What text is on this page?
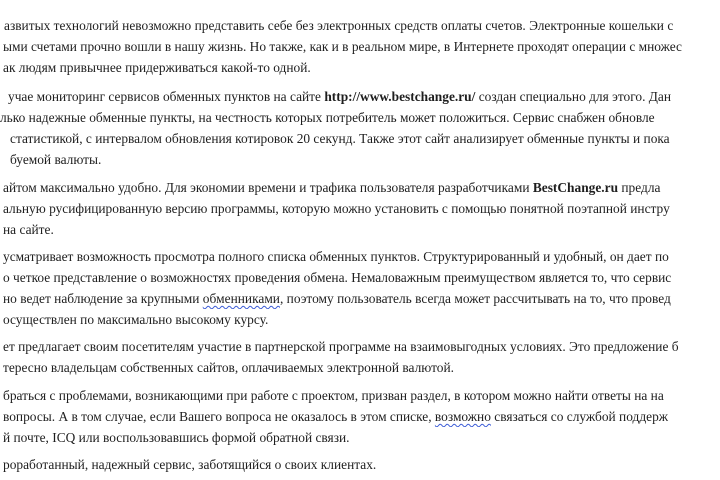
азвитых технологий невозможно представить себе без электронных средств оплаты счетов. Электронные кошельки с
ыми счетами прочно вошли в нашу жизнь. Но также, как и в реальном мире, в Интернете проходят операции с множес
ак людям привычнее придерживаться какой-то одной.
учае мониторинг сервисов обменных пунктов на сайте http://www.bestchange.ru/ создан специально для этого. Дан
лько надежные обменные пункты, на честность которых потребитель может положиться. Сервис снабжен обновле
статистикой, с интервалом обновления котировок 20 секунд. Также этот сайт анализирует обменные пункты и пока
буемой валюты.
айтом максимально удобно. Для экономии времени и трафика пользователя разработчиками BestChange.ru предла
альную русифицированную версию программы, которую можно установить с помощью понятной поэтапной инстру
на сайте.
усматривает возможность просмотра полного списка обменных пунктов. Структурированный и удобный, он дает по
о четкое представление о возможностях проведения обмена. Немаловажным преимуществом является то, что сервис
но ведет наблюдение за крупными обменниками, поэтому пользователь всегда может рассчитывать на то, что провед
осуществлен по максимально высокому курсу.
ет предлагает своим посетителям участие в партнерской программе на взаимовыгодных условиях. Это предложение б
тересно владельцам собственных сайтов, оплачиваемых электронной валютой.
браться с проблемами, возникающими при работе с проектом, призван раздел, в котором можно найти ответы на на
вопросы. А в том случае, если Вашего вопроса не оказалось в этом списке, возможно связаться со службой поддерж
й почте, ICQ или воспользовавшись формой обратной связи.
роработанный, надежный сервис, заботящийся о своих клиентах.
